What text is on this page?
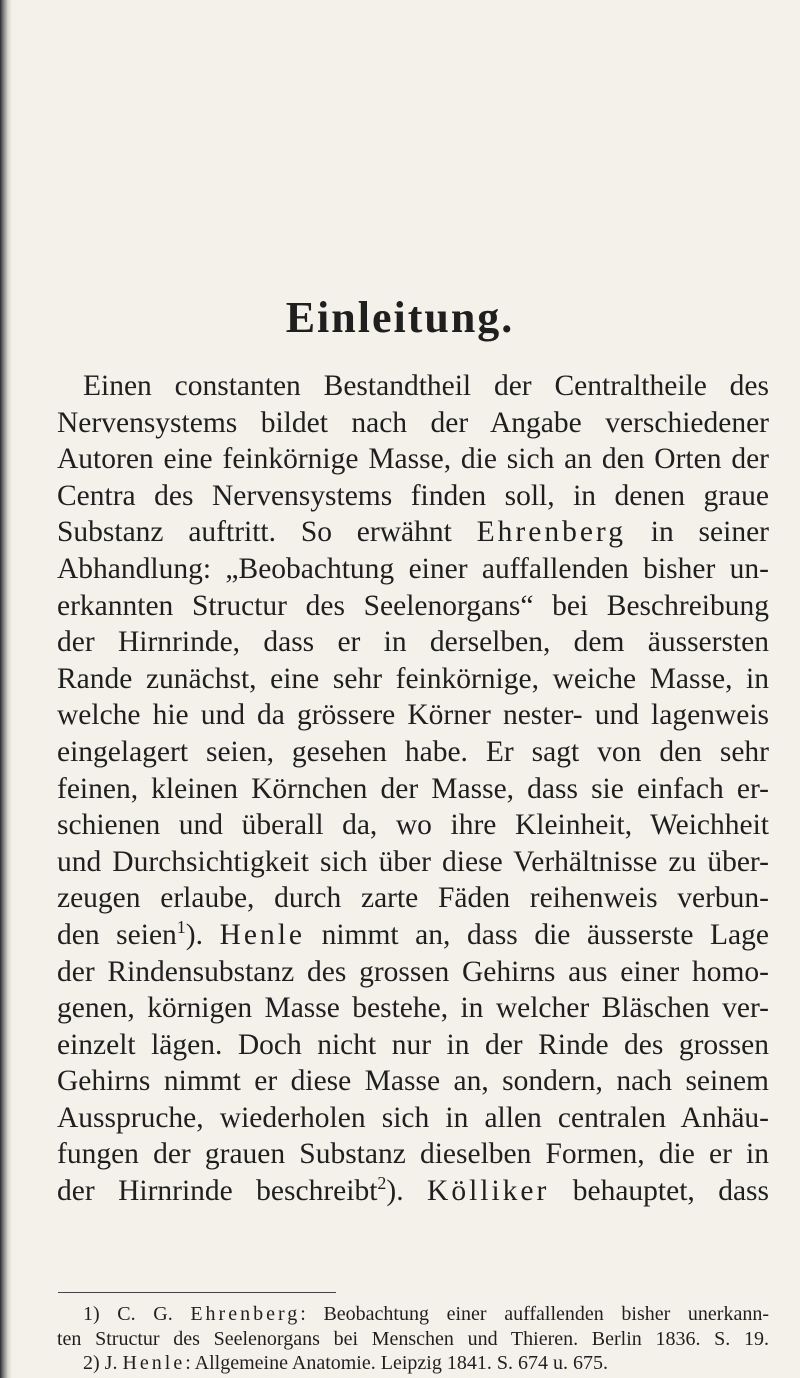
Einleitung.
Einen constanten Bestandtheil der Centraltheile des
Nervensystems bildet nach der Angabe verschiedener
Autoren eine feinkörnige Masse, die sich an den Orten der
Centra des Nervensystems finden soll, in denen graue
Substanz auftritt. So erwähnt Ehrenberg in seiner
Abhandlung: „Beobachtung einer auffallenden bisher un-
erkannten Structur des Seelenorgans“ bei Beschreibung
der Hirnrinde, dass er in derselben, dem äussersten
Rande zunächst, eine sehr feinkörnige, weiche Masse, in
welche hie und da grössere Körner nester- und lagenweis
eingelagert seien, gesehen habe. Er sagt von den sehr
feinen, kleinen Körnchen der Masse, dass sie einfach er-
schienen und überall da, wo ihre Kleinheit, Weichheit
und Durchsichtigkeit sich über diese Verhältnisse zu über-
zeugen erlaube, durch zarte Fäden reihenweis verbun-
den seien$^1$). Henle nimmt an, dass die äusserste Lage
der Rindensubstanz des grossen Gehirns aus einer homo-
genen, körnigen Masse bestehe, in welcher Bläschen ver-
einzelt lägen. Doch nicht nur in der Rinde des grossen
Gehirns nimmt er diese Masse an, sondern, nach seinem
Ausspruche, wiederholen sich in allen centralen Anhäu-
fungen der grauen Substanz dieselben Formen, die er in
der Hirnrinde beschreibt$^2$). Kölliker behauptet, dass
1) C. G. Ehrenberg: Beobachtung einer auffallenden bisher unerkann-
ten Structur des Seelenorgans bei Menschen und Thieren. Berlin 1836. S. 19.
2) J. Henle: Allgemeine Anatomie. Leipzig 1841. S. 674 u. 675.
